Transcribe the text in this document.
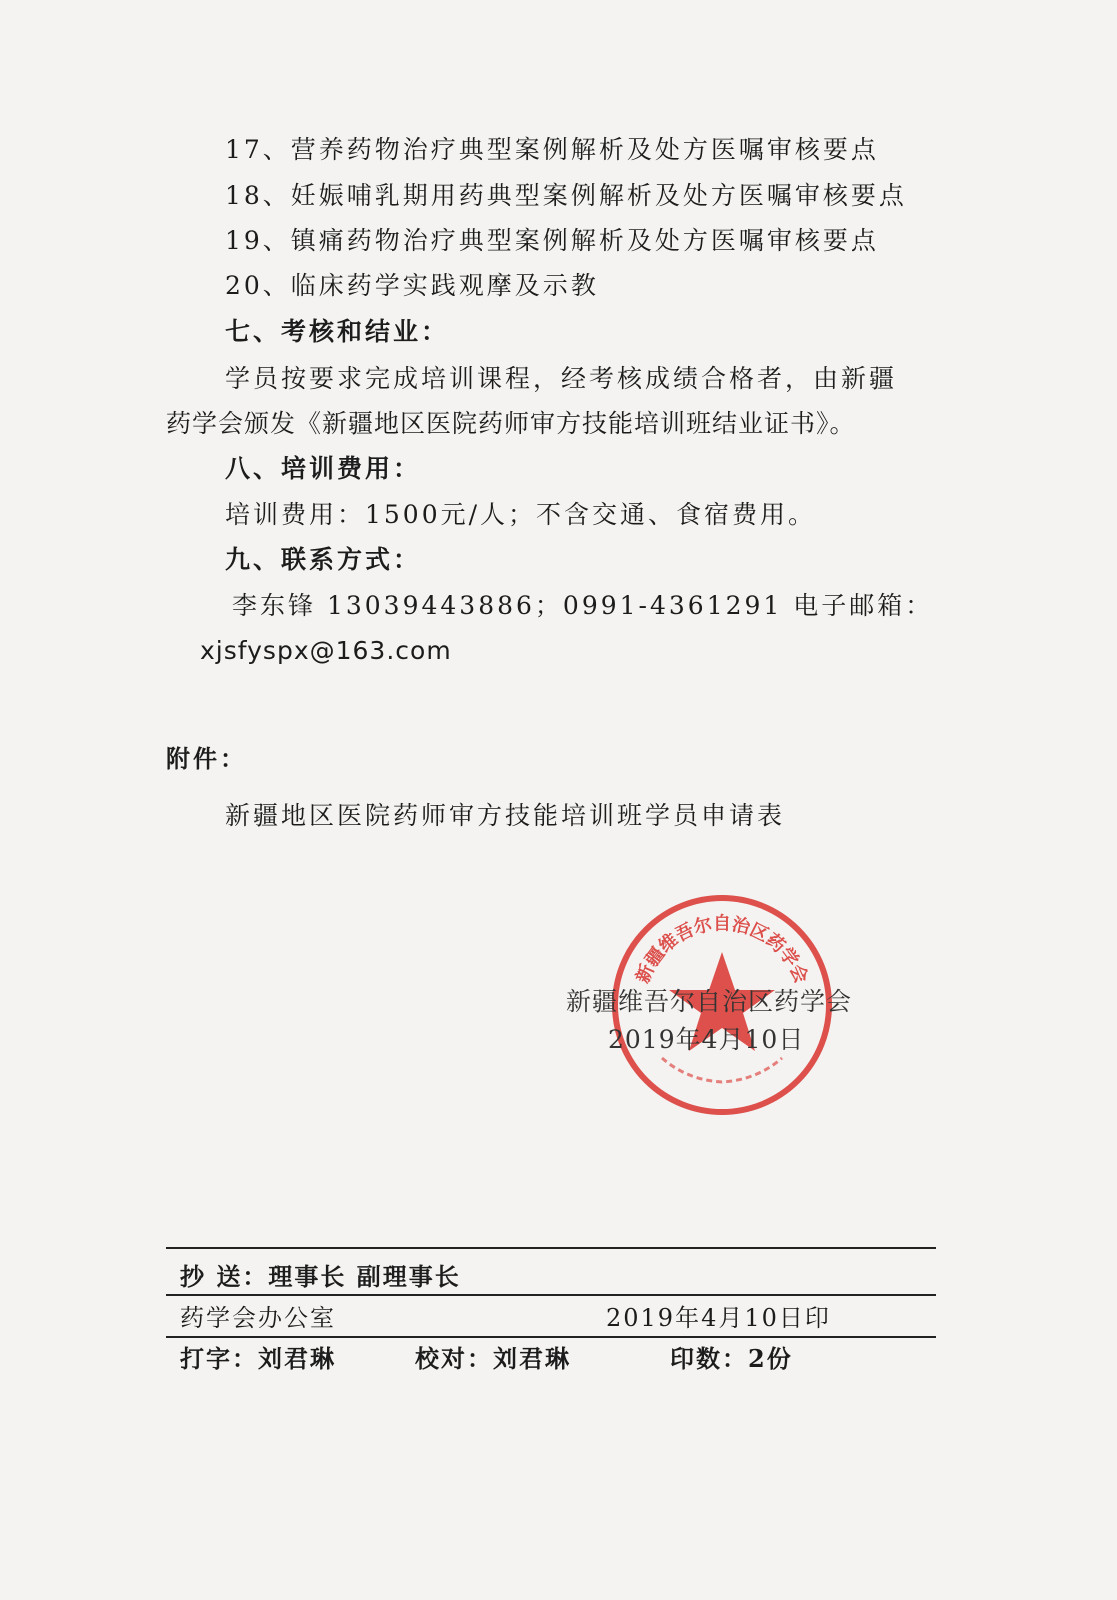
17、营养药物治疗典型案例解析及处方医嘱审核要点
18、妊娠哺乳期用药典型案例解析及处方医嘱审核要点
19、镇痛药物治疗典型案例解析及处方医嘱审核要点
20、临床药学实践观摩及示教
七、考核和结业：
学员按要求完成培训课程，经考核成绩合格者，由新疆
药学会颁发《新疆地区医院药师审方技能培训班结业证书》。
八、培训费用：
培训费用：1500元/人；不含交通、食宿费用。
九、联系方式：
李东锋 13039443886；0991-4361291 电子邮箱：
xjsfyspx@163.com
附件：
新疆地区医院药师审方技能培训班学员申请表
新疆维吾尔自治区药学会
新疆维吾尔自治区药学会
2019年4月10日
抄 送：理事长 副理事长
药学会办公室	2019年4月10日印
打字：刘君琳	校对：刘君琳	印数：2份
